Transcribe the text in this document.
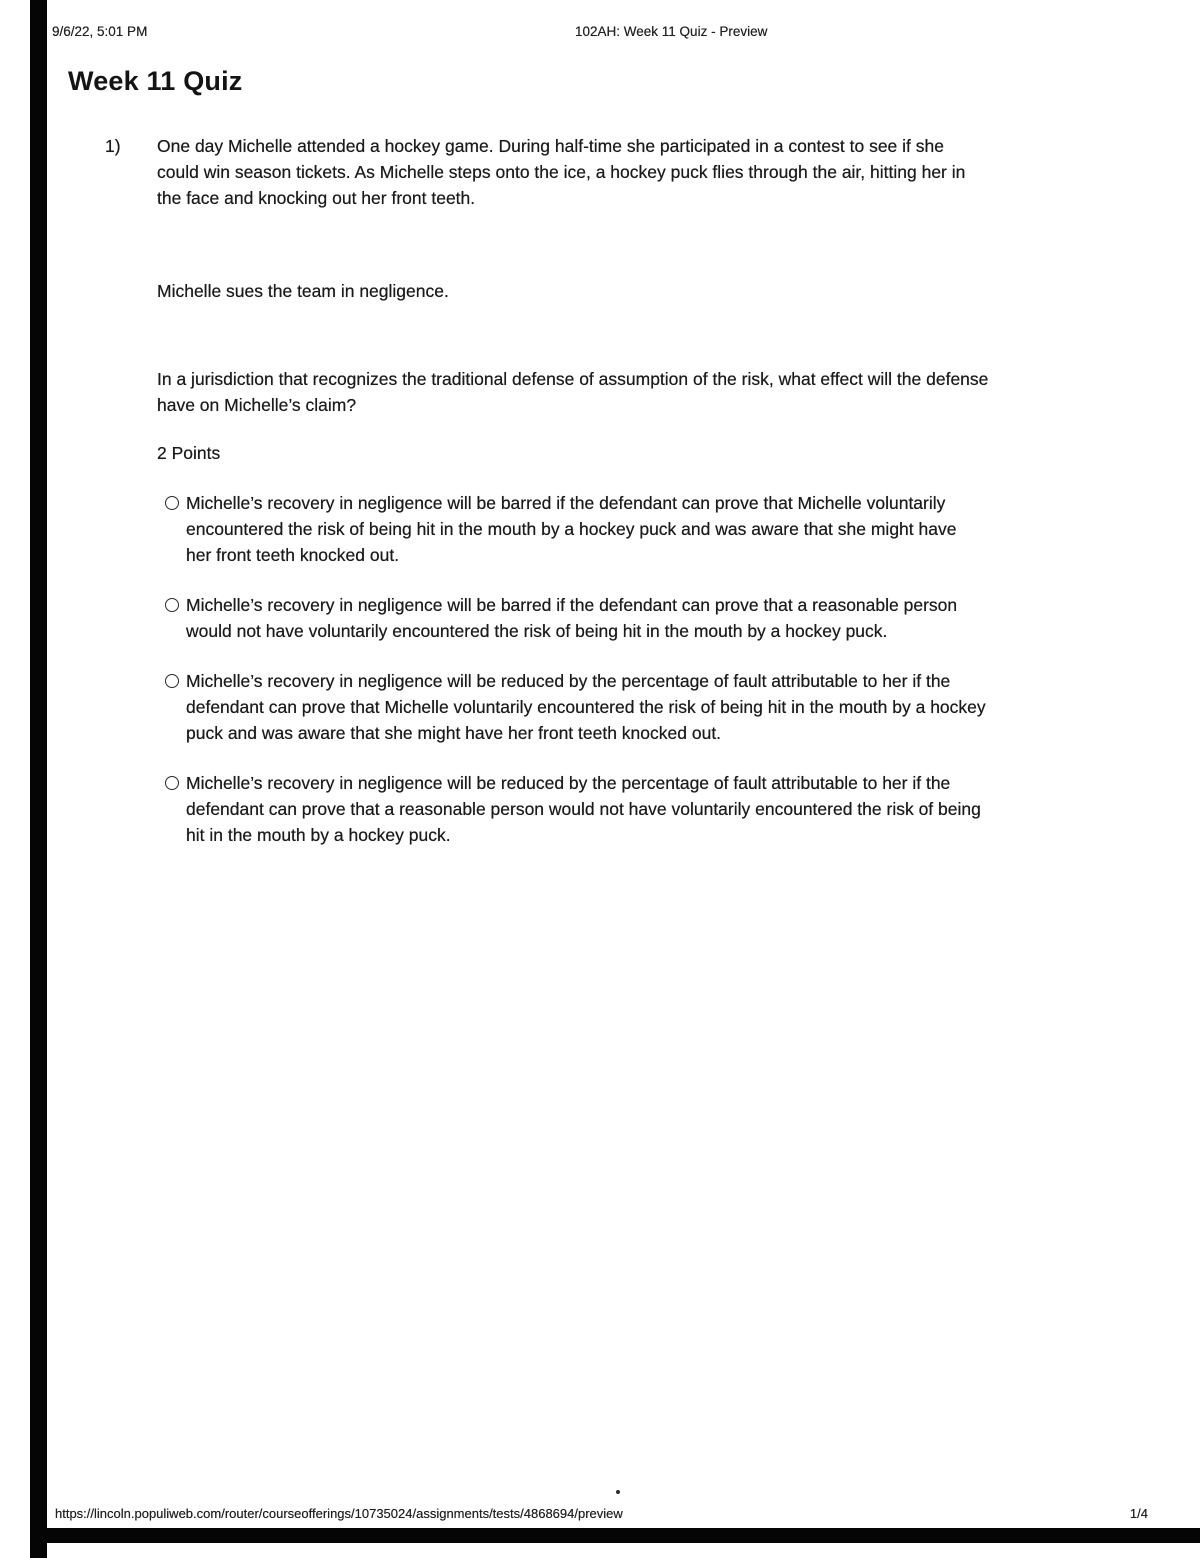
9/6/22, 5:01 PM	102AH: Week 11 Quiz - Preview
Week 11 Quiz
1)	One day Michelle attended a hockey game. During half-time she participated in a contest to see if she could win season tickets. As Michelle steps onto the ice, a hockey puck flies through the air, hitting her in the face and knocking out her front teeth.

Michelle sues the team in negligence.

In a jurisdiction that recognizes the traditional defense of assumption of the risk, what effect will the defense have on Michelle’s claim?

2 Points

Michelle’s recovery in negligence will be barred if the defendant can prove that Michelle voluntarily encountered the risk of being hit in the mouth by a hockey puck and was aware that she might have her front teeth knocked out.
Michelle’s recovery in negligence will be barred if the defendant can prove that a reasonable person would not have voluntarily encountered the risk of being hit in the mouth by a hockey puck.
Michelle’s recovery in negligence will be reduced by the percentage of fault attributable to her if the defendant can prove that Michelle voluntarily encountered the risk of being hit in the mouth by a hockey puck and was aware that she might have her front teeth knocked out.
Michelle’s recovery in negligence will be reduced by the percentage of fault attributable to her if the defendant can prove that a reasonable person would not have voluntarily encountered the risk of being hit in the mouth by a hockey puck.
https://lincoln.populiweb.com/router/courseofferings/10735024/assignments/tests/4868694/preview	1/4
